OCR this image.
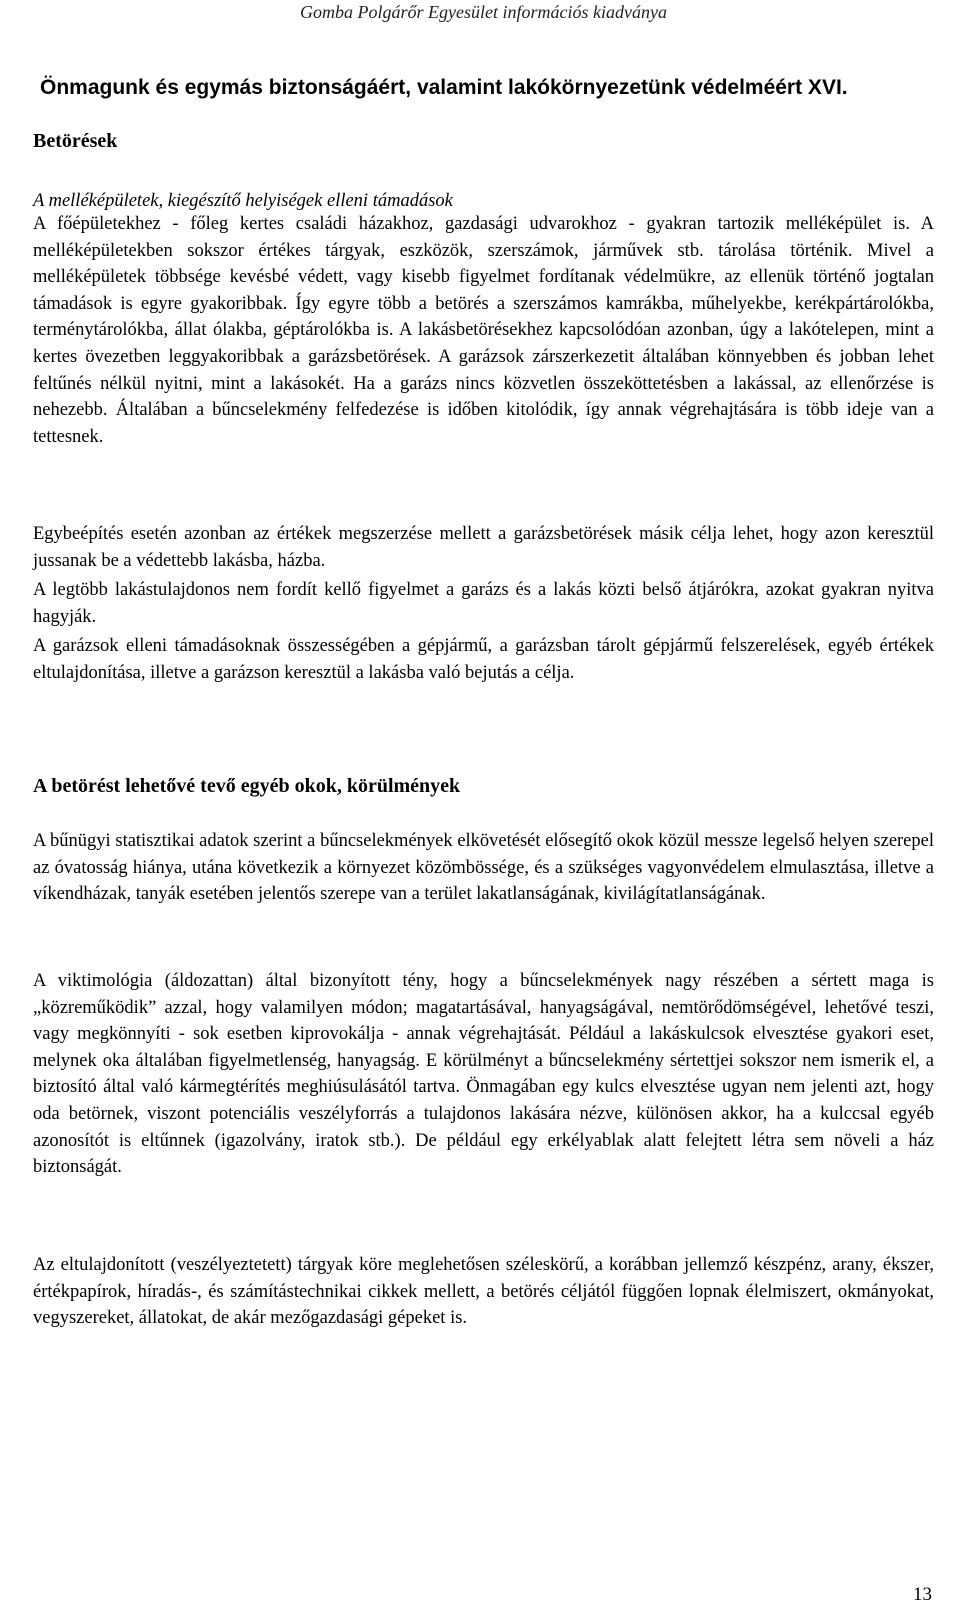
Gomba Polgárőr Egyesület információs kiadványa
Önmagunk és egymás biztonságáért, valamint lakókörnyezetünk védelméért XVI.
Betörések
A melléképületek, kiegészítő helyiségek elleni támadások

A főépületekhez - főleg kertes családi házakhoz, gazdasági udvarokhoz - gyakran tartozik melléképület is. A melléképületekben sokszor értékes tárgyak, eszközök, szerszámok, járművek stb. tárolása történik. Mivel a melléképületek többsége kevésbé védett, vagy kisebb figyelmet fordítanak védelmükre, az ellenük történő jogtalan támadások is egyre gyakoribbak. Így egyre több a betörés a szerszámos kamrákba, műhelyekbe, kerékpártárolókba, terménytárolókba, állat ólakba, géptárolókba is. A lakásbetörésekhez kapcsolódóan azonban, úgy a lakótelepen, mint a kertes övezetben leggyakoribbak a garázsbetörések. A garázsok zárszerkezetit általában könnyebben és jobban lehet feltűnés nélkül nyitni, mint a lakásokét. Ha a garázs nincs közvetlen összeköttetésben a lakással, az ellenőrzése is nehezebb. Általában a bűncselekmény felfedezése is időben kitolódik, így annak végrehajtására is több ideje van a tettesnek.

Egybeépítés esetén azonban az értékek megszerzése mellett a garázsbetörések másik célja lehet, hogy azon keresztül jussanak be a védettebb lakásba, házba.

A legtöbb lakástulajdonos nem fordít kellő figyelmet a garázs és a lakás közti belső átjárókra, azokat gyakran nyitva hagyják.

A garázsok elleni támadásoknak összességében a gépjármű, a garázsban tárolt gépjármű felszerelések, egyéb értékek eltulajdonítása, illetve a garázson keresztül a lakásba való bejutás a célja.

A betörést lehetővé tevő egyéb okok, körülmények

A bűnügyi statisztikai adatok szerint a bűncselekmények elkövetését elősegítő okok közül messze legelső helyen szerepel az óvatosság hiánya, utána következik a környezet közömbössége, és a szükséges vagyonvédelem elmulasztása, illetve a víkendházak, tanyák esetében jelentős szerepe van a terület lakatlanságának, kivilágítatlanságának.

A viktimológia (áldozattan) által bizonyított tény, hogy a bűncselekmények nagy részében a sértett maga is „közreműködik” azzal, hogy valamilyen módon; magatartásával, hanyagságával, nemtörődömségével, lehetővé teszi, vagy megkönnyíti - sok esetben kiprovokálja - annak végrehajtását. Például a lakáskulcsok elvesztése gyakori eset, melynek oka általában figyelmetlenség, hanyagság. E körülményt a bűncselekmény sértettjei sokszor nem ismerik el, a biztosító által való kármegtérítés meghiúsulásától tartva. Önmagában egy kulcs elvesztése ugyan nem jelenti azt, hogy oda betörnek, viszont potenciális veszélyforrás a tulajdonos lakására nézve, különösen akkor, ha a kulccsal egyéb azonosítót is eltűnnek (igazolvány, iratok stb.). De például egy erkélyablak alatt felejtett létra sem növeli a ház biztonságát.

Az eltulajdonított (veszélyeztetett) tárgyak köre meglehetősen széleskörű, a korábban jellemző készpénz, arany, ékszer, értékpapírok, híradás-, és számítástechnikai cikkek mellett, a betörés céljától függően lopnak élelmiszert, okmányokat, vegyszereket, állatokat, de akár mezőgazdasági gépeket is.

13
